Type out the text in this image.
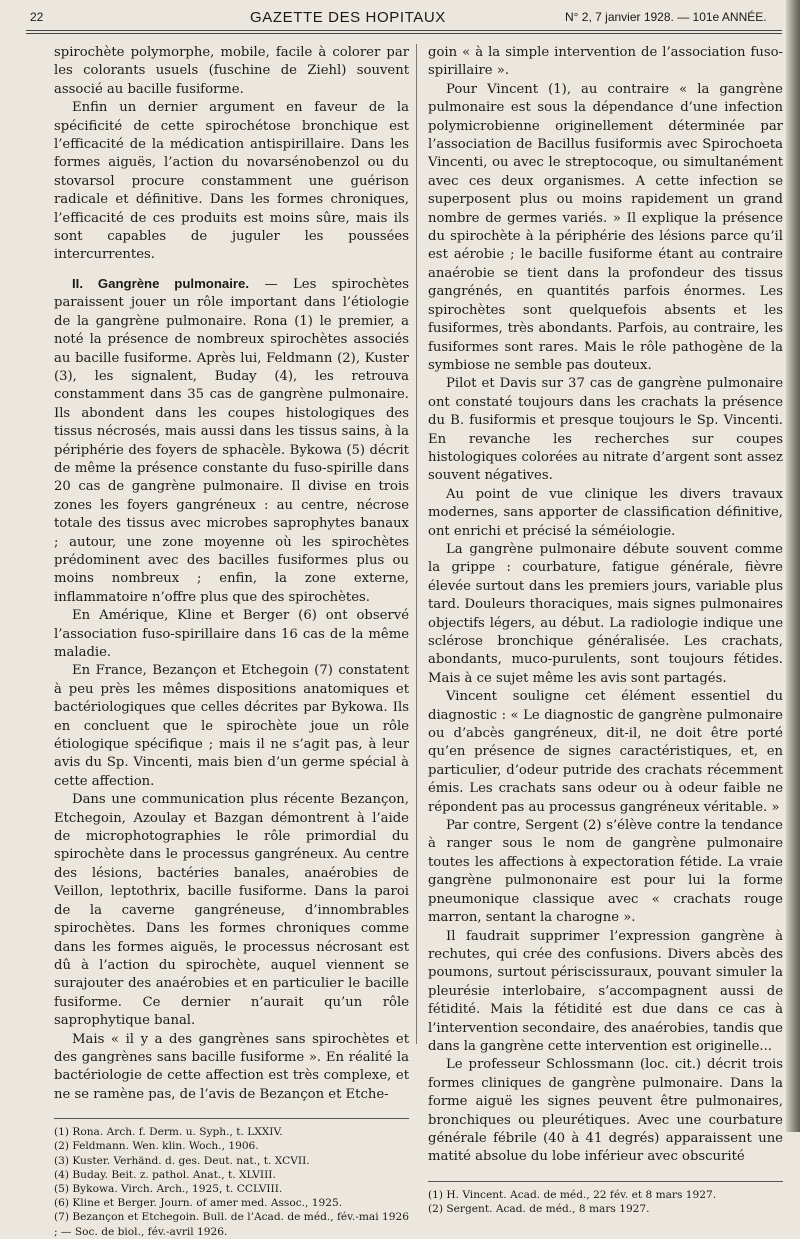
22	GAZETTE DES HOPITAUX	N° 2, 7 janvier 1928. — 101e ANNÉE.

spirochète polymorphe, mobile, facile à colorer par les colorants usuels (fuschine de Ziehl) souvent associé au bacille fusiforme.

Enfin un dernier argument en faveur de la spécificité de cette spirochétose bronchique est l’efficacité de la médication antispirillaire. Dans les formes aiguës, l’action du novarsénobenzol ou du stovarsol procure constamment une guérison radicale et définitive. Dans les formes chroniques, l’efficacité de ces produits est moins sûre, mais ils sont capables de juguler les poussées intercurrentes.

II. Gangrène pulmonaire. — Les spirochètes paraissent jouer un rôle important dans l’étiologie de la gangrène pulmonaire. Rona (1) le premier, a noté la présence de nombreux spirochètes associés au bacille fusiforme. Après lui, Feldmann (2), Kuster (3), les signalent, Buday (4), les retrouva constamment dans 35 cas de gangrène pulmonaire. Ils abondent dans les coupes histologiques des tissus nécrosés, mais aussi dans les tissus sains, à la périphérie des foyers de sphacèle. Bykowa (5) décrit de même la présence constante du fuso-spirille dans 20 cas de gangrène pulmonaire. Il divise en trois zones les foyers gangréneux : au centre, nécrose totale des tissus avec microbes saprophytes banaux ; autour, une zone moyenne où les spirochètes prédominent avec des bacilles fusiformes plus ou moins nombreux ; enfin, la zone externe, inflammatoire n’offre plus que des spirochètes.

En Amérique, Kline et Berger (6) ont observé l’association fuso-spirillaire dans 16 cas de la même maladie.

En France, Bezançon et Etchegoin (7) constatent à peu près les mêmes dispositions anatomiques et bactériologiques que celles décrites par Bykowa. Ils en concluent que le spirochète joue un rôle étiologique spécifique ; mais il ne s’agit pas, à leur avis du Sp. Vincenti, mais bien d’un germe spécial à cette affection.

Dans une communication plus récente Bezançon, Etchegoin, Azoulay et Bazgan démontrent à l’aide de microphotographies le rôle primordial du spirochète dans le processus gangréneux. Au centre des lésions, bactéries banales, anaérobies de Veillon, leptothrix, bacille fusiforme. Dans la paroi de la caverne gangréneuse, d’innombrables spirochètes. Dans les formes chroniques comme dans les formes aiguës, le processus nécrosant est dû à l’action du spirochète, auquel viennent se surajouter des anaérobies et en particulier le bacille fusiforme. Ce dernier n’aurait qu’un rôle saprophytique banal.

Mais « il y a des gangrènes sans spirochètes et des gangrènes sans bacille fusiforme ». En réalité la bactériologie de cette affection est très complexe, et ne se ramène pas, de l’avis de Bezançon et Etche-

(1) Rona. Arch. f. Derm. u. Syph., t. LXXIV.
(2) Feldmann. Wen. klin. Woch., 1906.
(3) Kuster. Verhänd. d. ges. Deut. nat., t. XCVII.
(4) Buday. Beit. z. pathol. Anat., t. XLVIII.
(5) Bykowa. Virch. Arch., 1925, t. CCLVIII.
(6) Kline et Berger. Journ. of amer med. Assoc., 1925.
(7) Bezançon et Etchegoin. Bull. de l’Acad. de méd., fév.-mai 1926 ; — Soc. de biol., fév.-avril 1926.

goin « à la simple intervention de l’association fuso-spirillaire ».

Pour Vincent (1), au contraire « la gangrène pulmonaire est sous la dépendance d’une infection polymicrobienne originellement déterminée par l’association de Bacillus fusiformis avec Spirochoeta Vincenti, ou avec le streptocoque, ou simultanément avec ces deux organismes. A cette infection se superposent plus ou moins rapidement un grand nombre de germes variés. » Il explique la présence du spirochète à la périphérie des lésions parce qu’il est aérobie ; le bacille fusiforme étant au contraire anaérobie se tient dans la profondeur des tissus gangrénés, en quantités parfois énormes. Les spirochètes sont quelquefois absents et les fusiformes, très abondants. Parfois, au contraire, les fusiformes sont rares. Mais le rôle pathogène de la symbiose ne semble pas douteux.

Pilot et Davis sur 37 cas de gangrène pulmonaire ont constaté toujours dans les crachats la présence du B. fusiformis et presque toujours le Sp. Vincenti. En revanche les recherches sur coupes histologiques colorées au nitrate d’argent sont assez souvent négatives.

Au point de vue clinique les divers travaux modernes, sans apporter de classification définitive, ont enrichi et précisé la séméiologie.

La gangrène pulmonaire débute souvent comme la grippe : courbature, fatigue générale, fièvre élevée surtout dans les premiers jours, variable plus tard. Douleurs thoraciques, mais signes pulmonaires objectifs légers, au début. La radiologie indique une sclérose bronchique généralisée. Les crachats, abondants, muco-purulents, sont toujours fétides. Mais à ce sujet même les avis sont partagés.

Vincent souligne cet élément essentiel du diagnostic : « Le diagnostic de gangrène pulmonaire ou d’abcès gangréneux, dit-il, ne doit être porté qu’en présence de signes caractéristiques, et, en particulier, d’odeur putride des crachats récemment émis. Les crachats sans odeur ou à odeur faible ne répondent pas au processus gangréneux véritable. »

Par contre, Sergent (2) s’élève contre la tendance à ranger sous le nom de gangrène pulmonaire toutes les affections à expectoration fétide. La vraie gangrène pulmononaire est pour lui la forme pneumonique classique avec « crachats rouge marron, sentant la charogne ».

Il faudrait supprimer l’expression gangrène à rechutes, qui crée des confusions. Divers abcès des poumons, surtout périscissuraux, pouvant simuler la pleurésie interlobaire, s’accompagnent aussi de fétidité. Mais la fétidité est due dans ce cas à l’intervention secondaire, des anaérobies, tandis que dans la gangrène cette intervention est originelle...

Le professeur Schlossmann (loc. cit.) décrit trois formes cliniques de gangrène pulmonaire. Dans la forme aiguë les signes peuvent être pulmonaires, bronchiques ou pleurétiques. Avec une courbature générale fébrile (40 à 41 degrés) apparaissent une matité absolue du lobe inférieur avec obscurité

(1) H. Vincent. Acad. de méd., 22 fév. et 8 mars 1927.
(2) Sergent. Acad. de méd., 8 mars 1927.
